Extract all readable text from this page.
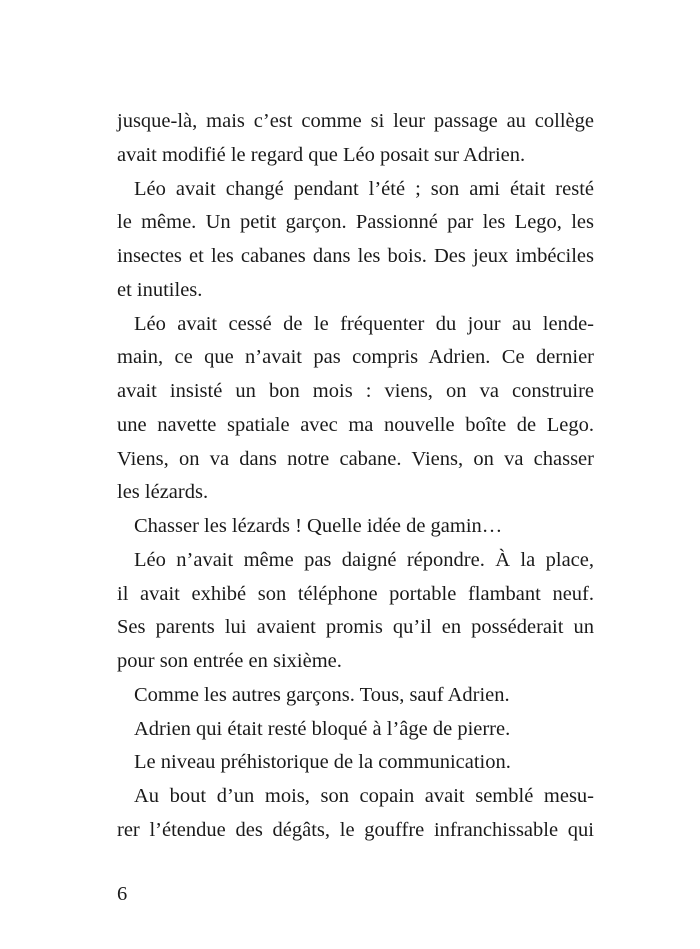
jusque-là, mais c’est comme si leur passage au collège
avait modifié le regard que Léo posait sur Adrien.
Léo avait changé pendant l’été ; son ami était resté
le même. Un petit garçon. Passionné par les Lego, les
insectes et les cabanes dans les bois. Des jeux imbéciles
et inutiles.
Léo avait cessé de le fréquenter du jour au lende-
main, ce que n’avait pas compris Adrien. Ce dernier
avait insisté un bon mois : viens, on va construire
une navette spatiale avec ma nouvelle boîte de Lego.
Viens, on va dans notre cabane. Viens, on va chasser
les lézards.
Chasser les lézards ! Quelle idée de gamin…
Léo n’avait même pas daigné répondre. À la place,
il avait exhibé son téléphone portable flambant neuf.
Ses parents lui avaient promis qu’il en posséderait un
pour son entrée en sixième.
Comme les autres garçons. Tous, sauf Adrien.
Adrien qui était resté bloqué à l’âge de pierre.
Le niveau préhistorique de la communication.
Au bout d’un mois, son copain avait semblé mesu-
rer l’étendue des dégâts, le gouffre infranchissable qui
6
